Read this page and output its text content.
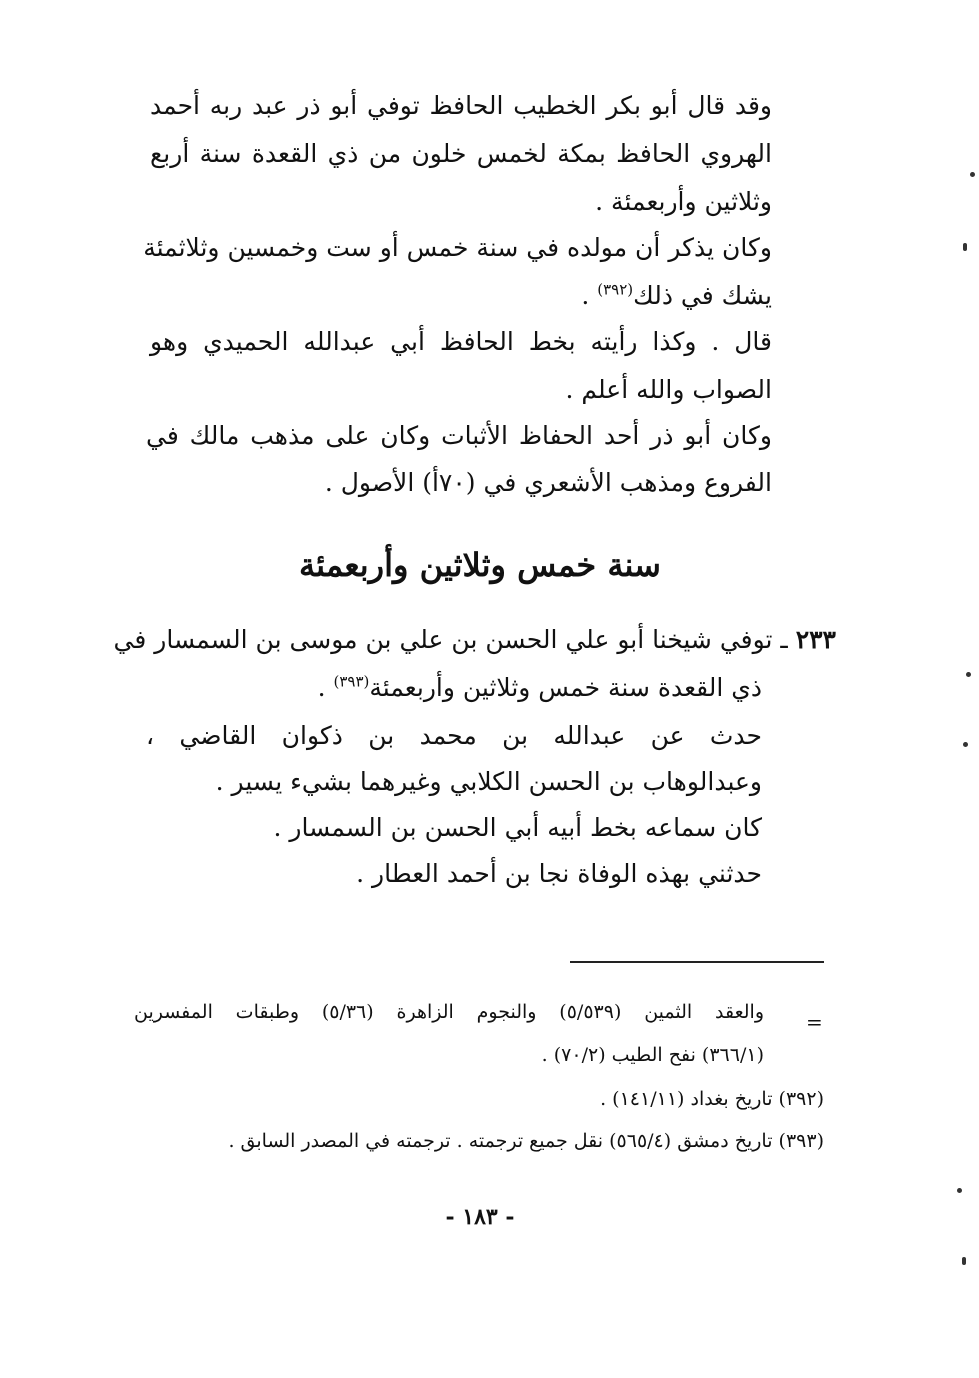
وقد قال أبو بكر الخطيب الحافظ توفي أبو ذر عبد ربه أحمد
الهروي الحافظ بمكة لخمس خلون من ذي القعدة سنة أربع
وثلاثين وأربعمئة .
وكان يذكر أن مولده في سنة خمس أو ست وخمسين وثلاثمئة
يشك في ذلك$^{(٣٩٢)}$ .
قال . وكذا رأيته بخط الحافظ أبي عبدالله الحميدي وهو
الصواب والله أعلم .
وكان أبو ذر أحد الحفاظ الأثبات وكان على مذهب مالك في
الفروع ومذهب الأشعري في (٧٠أ) الأصول .
سنة خمس وثلاثين وأربعمئة
٢٣٣ ـ توفي شيخنا أبو علي الحسن بن علي بن موسى بن السمسار في
ذي القعدة سنة خمس وثلاثين وأربعمئة$^{(٣٩٣)}$ .
حدث عن عبدالله بن محمد بن ذكوان القاضي ،
وعبدالوهاب بن الحسن الكلابي وغيرهما بشيء يسير .
كان سماعه بخط أبيه أبي الحسن بن السمسار .
حدثني بهذه الوفاة نجا بن أحمد العطار .
=
والعقد الثمين (٥/٥٣٩) والنجوم الزاهرة (٥/٣٦) وطبقات المفسرين
(٣٦٦/١) نفح الطيب (٧٠/٢) .
(٣٩٢) تاريخ بغداد (١٤١/١١) .
(٣٩٣) تاريخ دمشق (٥٦٥/٤) نقل جميع ترجمته . ترجمته في المصدر السابق .
- ١٨٣ -
